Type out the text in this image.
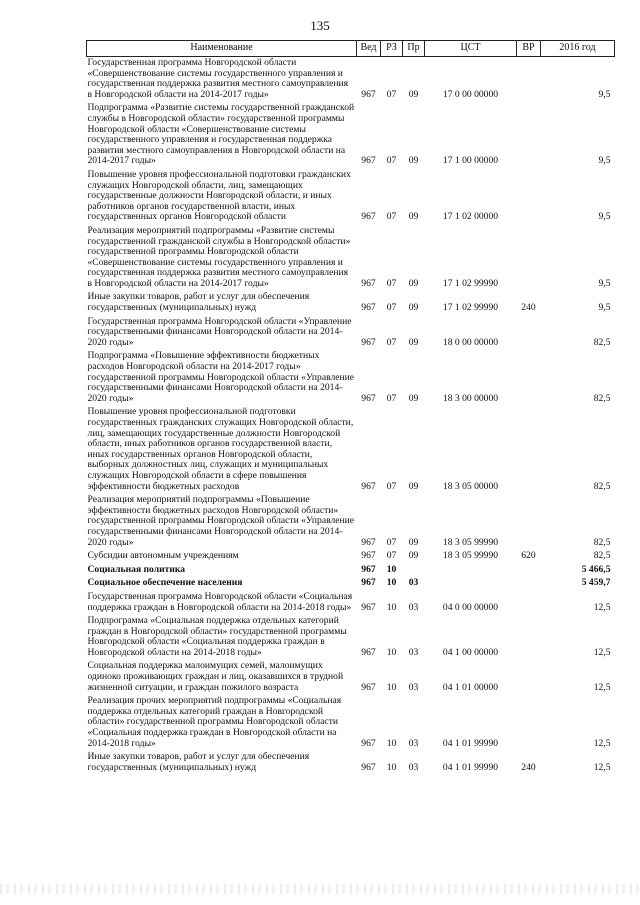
135
Наименование	Вед	РЗ	Пр	ЦСТ	ВР	2016 год
Государственная программа Новгородской области «Совершенствование системы государственного управления и государственная поддержка развития местного самоуправления в Новгородской области на 2014-2017 годы»	967	07	09	17 0 00 00000		9,5
Подпрограмма «Развитие системы государственной гражданской службы в Новгородской области» государственной программы Новгородской области «Совершенствование системы государственного управления и государственная поддержка развития местного самоуправления в Новгородской области на 2014-2017 годы»	967	07	09	17 1 00 00000		9,5
Повышение уровня профессиональной подготовки гражданских служащих Новгородской области, лиц, замещающих государственные должности Новгородской области, и иных работников органов государственной власти, иных государственных органов Новгородской области	967	07	09	17 1 02 00000		9,5
Реализация мероприятий подпрограммы «Развитие системы государственной гражданской службы в Новгородской области» государственной программы Новгородской области «Совершенствование системы государственного управления и государственная поддержка развития местного самоуправления в Новгородской области на 2014-2017 годы»	967	07	09	17 1 02 99990		9,5
Иные закупки товаров, работ и услуг для обеспечения государственных (муниципальных) нужд	967	07	09	17 1 02 99990	240	9,5
Государственная программа Новгородской области «Управление государственными финансами Новгородской области на 2014-2020 годы»	967	07	09	18 0 00 00000		82,5
Подпрограмма «Повышение эффективности бюджетных расходов Новгородской области на 2014-2017 годы» государственной программы Новгородской области «Управление государственными финансами Новгородской области на 2014-2020 годы»	967	07	09	18 3 00 00000		82,5
Повышение уровня профессиональной подготовки государственных гражданских служащих Новгородской области, лиц, замещающих государственные должности Новгородской области, иных работников органов государственной власти, иных государственных органов Новгородской области, выборных должностных лиц, служащих и муниципальных служащих Новгородской области в сфере повышения эффективности бюджетных расходов	967	07	09	18 3 05 00000		82,5
Реализация мероприятий подпрограммы «Повышение эффективности бюджетных расходов Новгородской области» государственной программы Новгородской области «Управление государственными финансами Новгородской области на 2014-2020 годы»	967	07	09	18 3 05 99990		82,5
Субсидии автономным учреждениям	967	07	09	18 3 05 99990	620	82,5
Социальная политика	967	10				5 466,5
Социальное обеспечение населения	967	10	03			5 459,7
Государственная программа Новгородской области «Социальная поддержка граждан в Новгородской области на 2014-2018 годы»	967	10	03	04 0 00 00000		12,5
Подпрограмма «Социальная поддержка отдельных категорий граждан в Новгородской области» государственной программы Новгородской области «Социальная поддержка граждан в Новгородской области на 2014-2018 годы»	967	10	03	04 1 00 00000		12,5
Социальная поддержка малоимущих семей, малоимущих одиноко проживающих граждан и лиц, оказавшихся в трудной жизненной ситуации, и граждан пожилого возраста	967	10	03	04 1 01 00000		12,5
Реализация прочих мероприятий подпрограммы «Социальная поддержка отдельных категорий граждан в Новгородской области» государственной программы Новгородской области «Социальная поддержка граждан в Новгородской области на 2014-2018 годы»	967	10	03	04 1 01 99990		12,5
Иные закупки товаров, работ и услуг для обеспечения государственных (муниципальных) нужд	967	10	03	04 1 01 99990	240	12,5
